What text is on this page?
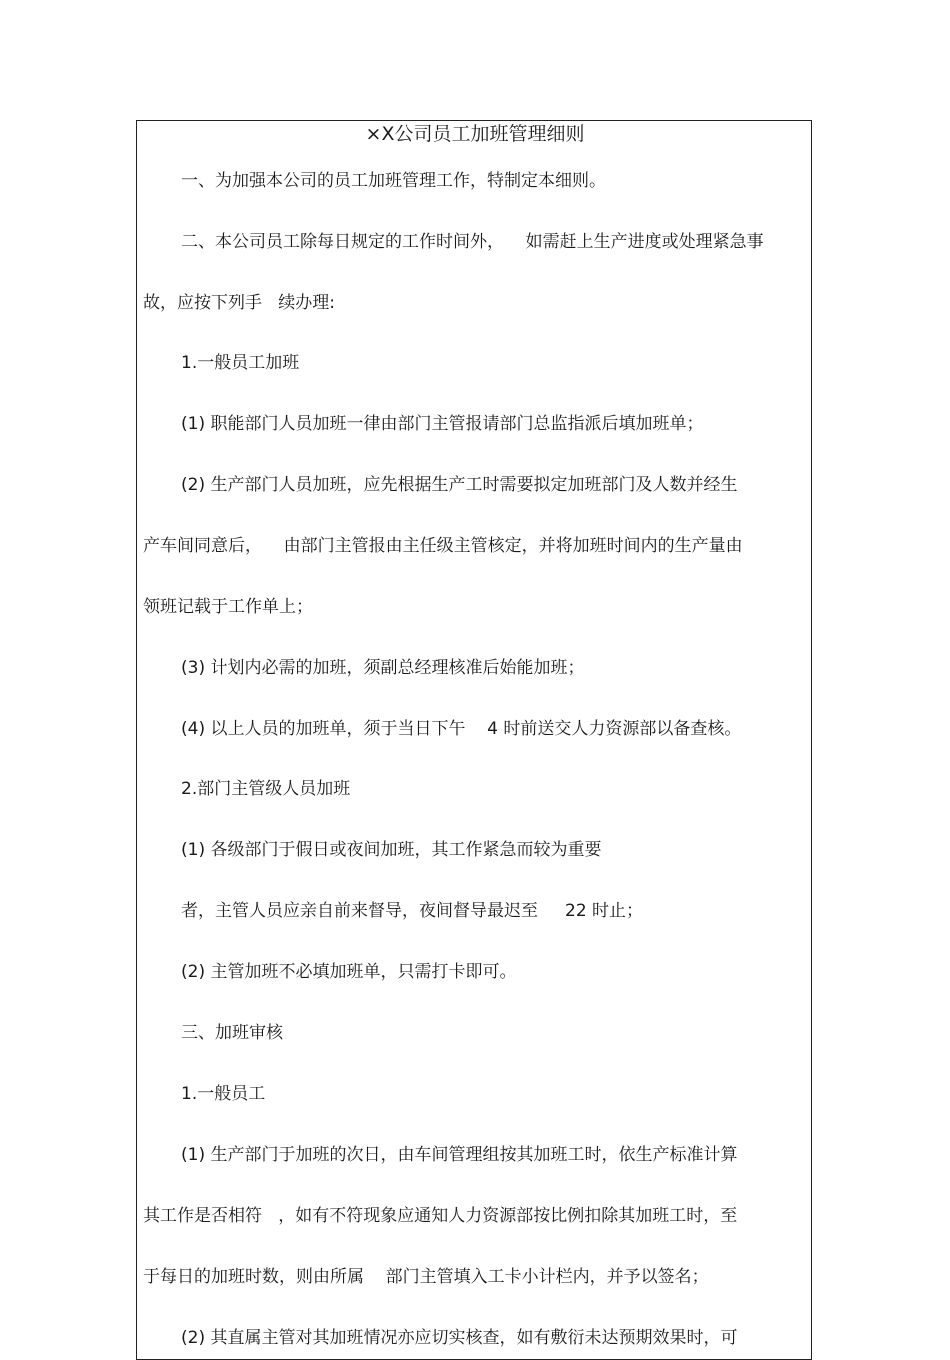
×X公司员工加班管理细则
一、为加强本公司的员工加班管理工作，特制定本细则。
二、本公司员工除每日规定的工作时间外，    如需赶上生产进度或处理紧急事
故，应按下列手   续办理:
1.一般员工加班
(1) 职能部门人员加班一律由部门主管报请部门总监指派后填加班单；
(2) 生产部门人员加班，应先根据生产工时需要拟定加班部门及人数并经生
产车间同意后，    由部门主管报由主任级主管核定，并将加班时间内的生产量由
领班记载于工作单上；
(3) 计划内必需的加班，须副总经理核准后始能加班；
(4) 以上人员的加班单，须于当日下午    4 时前送交人力资源部以备查核。
2.部门主管级人员加班
(1) 各级部门于假日或夜间加班，其工作紧急而较为重要
者，主管人员应亲自前来督导，夜间督导最迟至     22 时止；
(2) 主管加班不必填加班单，只需打卡即可。
三、加班审核
1.一般员工
(1) 生产部门于加班的次日，由车间管理组按其加班工时，依生产标准计算
其工作是否相符   ，如有不符现象应通知人力资源部按比例扣除其加班工时，至
于每日的加班时数，则由所属    部门主管填入工卡小计栏内，并予以签名；
(2) 其直属主管对其加班情况亦应切实核查，如有敷衍未达预期效果时，可
